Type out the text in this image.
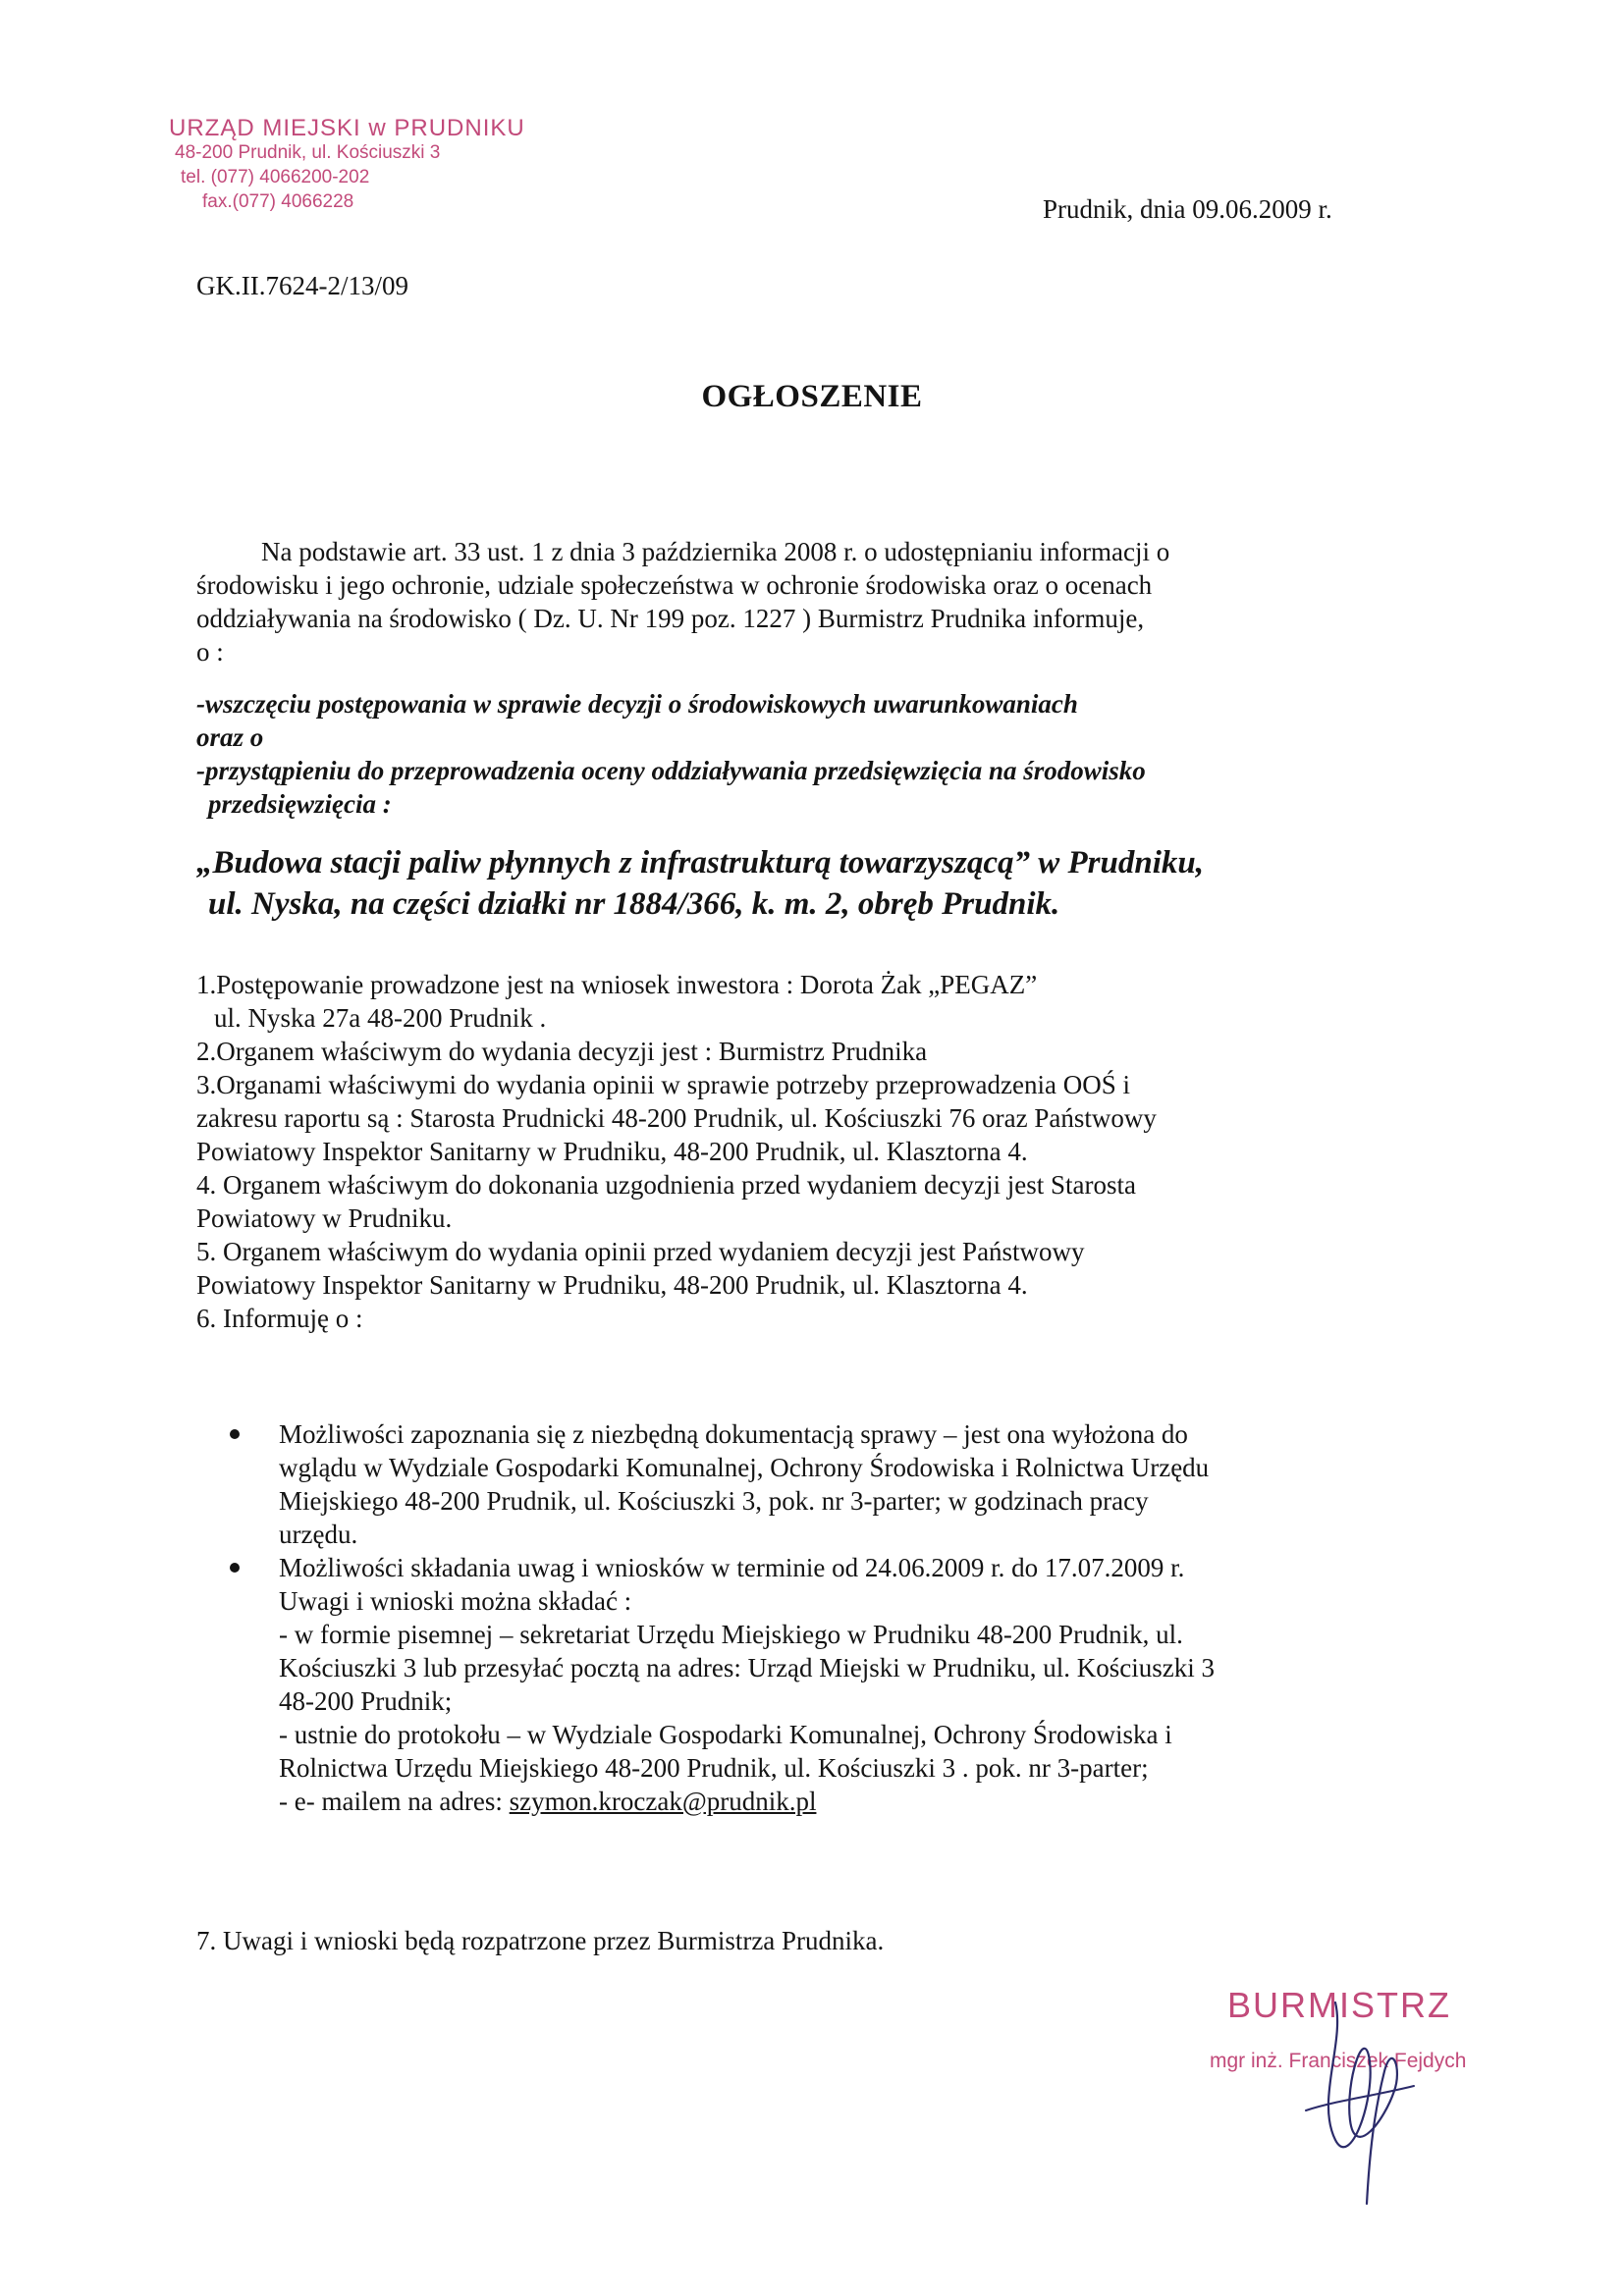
URZĄD MIEJSKI w PRUDNIKU
48-200 Prudnik, ul. Kościuszki 3
tel. (077) 4066200-202
fax.(077) 4066228	Prudnik, dnia 09.06.2009 r.
GK.II.7624-2/13/09
OGŁOSZENIE
Na podstawie art. 33 ust. 1 z dnia 3 października 2008 r. o udostępnianiu informacji o
środowisku i jego ochronie, udziale społeczeństwa w ochronie środowiska oraz o ocenach
oddziaływania na środowisko ( Dz. U. Nr 199 poz. 1227 ) Burmistrz Prudnika informuje,
o :
-wszczęciu postępowania w sprawie decyzji o środowiskowych uwarunkowaniach
oraz o
-przystąpieniu do przeprowadzenia oceny oddziaływania przedsięwzięcia na środowisko
przedsięwzięcia :
„Budowa stacji paliw płynnych z infrastrukturą towarzyszącą” w Prudniku,
ul. Nyska, na części działki nr 1884/366, k. m. 2, obręb Prudnik.
1.Postępowanie prowadzone jest na wniosek inwestora : Dorota Żak „PEGAZ”
ul. Nyska 27a 48-200 Prudnik .
2.Organem właściwym do wydania decyzji jest : Burmistrz Prudnika
3.Organami właściwymi do wydania opinii w sprawie potrzeby przeprowadzenia OOŚ i
zakresu raportu są : Starosta Prudnicki 48-200 Prudnik, ul. Kościuszki 76 oraz Państwowy
Powiatowy Inspektor Sanitarny w Prudniku, 48-200 Prudnik, ul. Klasztorna 4.
4. Organem właściwym do dokonania uzgodnienia przed wydaniem decyzji jest Starosta
Powiatowy w Prudniku.
5. Organem właściwym do wydania opinii przed wydaniem decyzji jest Państwowy
Powiatowy Inspektor Sanitarny w Prudniku, 48-200 Prudnik, ul. Klasztorna 4.
6. Informuję o :
Możliwości zapoznania się z niezbędną dokumentacją sprawy – jest ona wyłożona do
wglądu w Wydziale Gospodarki Komunalnej, Ochrony Środowiska i Rolnictwa Urzędu
Miejskiego 48-200 Prudnik, ul. Kościuszki 3, pok. nr 3-parter; w godzinach pracy
urzędu.
Możliwości składania uwag i wniosków w terminie od 24.06.2009 r. do 17.07.2009 r.
Uwagi i wnioski można składać :
- w formie pisemnej – sekretariat Urzędu Miejskiego w Prudniku 48-200 Prudnik, ul.
Kościuszki 3 lub przesyłać pocztą na adres: Urząd Miejski w Prudniku, ul. Kościuszki 3
48-200 Prudnik;
- ustnie do protokołu – w Wydziale Gospodarki Komunalnej, Ochrony Środowiska i
Rolnictwa Urzędu Miejskiego 48-200 Prudnik, ul. Kościuszki 3 . pok. nr 3-parter;
- e- mailem na adres: szymon.kroczak@prudnik.pl
7. Uwagi i wnioski będą rozpatrzone przez Burmistrza Prudnika.
BURMISTRZ
mgr inż. Franciszek Fejdych
